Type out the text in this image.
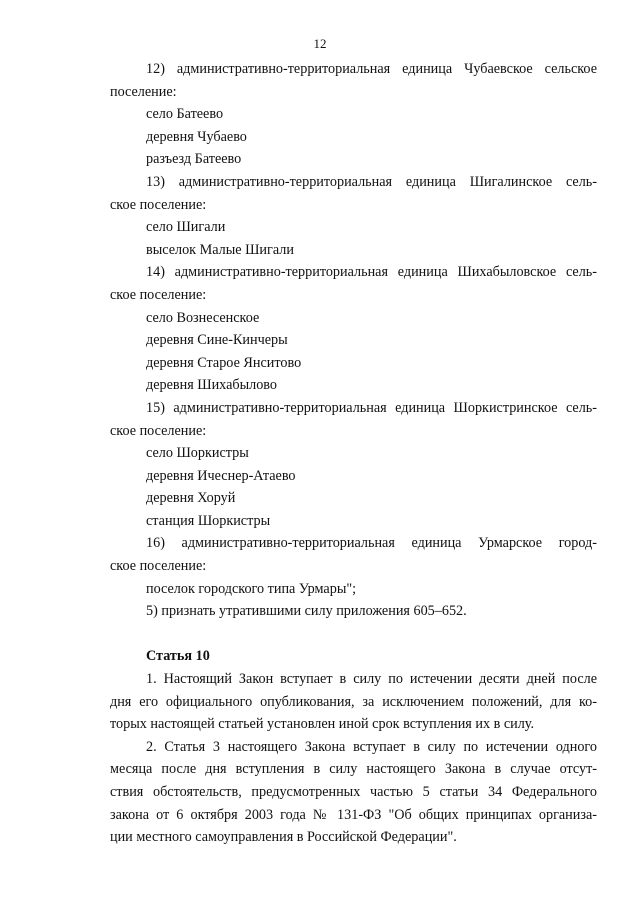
12
12) административно-территориальная единица Чубаевское сельское
поселение:
село Батеево
деревня Чубаево
разъезд Батеево
13) административно-территориальная единица Шигалинское сель-
ское поселение:
село Шигали
выселок Малые Шигали
14) административно-территориальная единица Шихабыловское сель-
ское поселение:
село Вознесенское
деревня Сине-Кинчеры
деревня Старое Янситово
деревня Шихабылово
15) административно-территориальная единица Шоркистринское сель-
ское поселение:
село Шоркистры
деревня Ичеснер-Атаево
деревня Хоруй
станция Шоркистры
16) административно-территориальная единица Урмарское город-
ское поселение:
поселок городского типа Урмары";
5) признать утратившими силу приложения 605–652.
Статья 10
1. Настоящий Закон вступает в силу по истечении десяти дней после
дня его официального опубликования, за исключением положений, для ко-
торых настоящей статьей установлен иной срок вступления их в силу.
2. Статья 3 настоящего Закона вступает в силу по истечении одного
месяца после дня вступления в силу настоящего Закона в случае отсут-
ствия обстоятельств, предусмотренных частью 5 статьи 34 Федерального
закона от 6 октября 2003 года № 131-ФЗ "Об общих принципах организа-
ции местного самоуправления в Российской Федерации".
